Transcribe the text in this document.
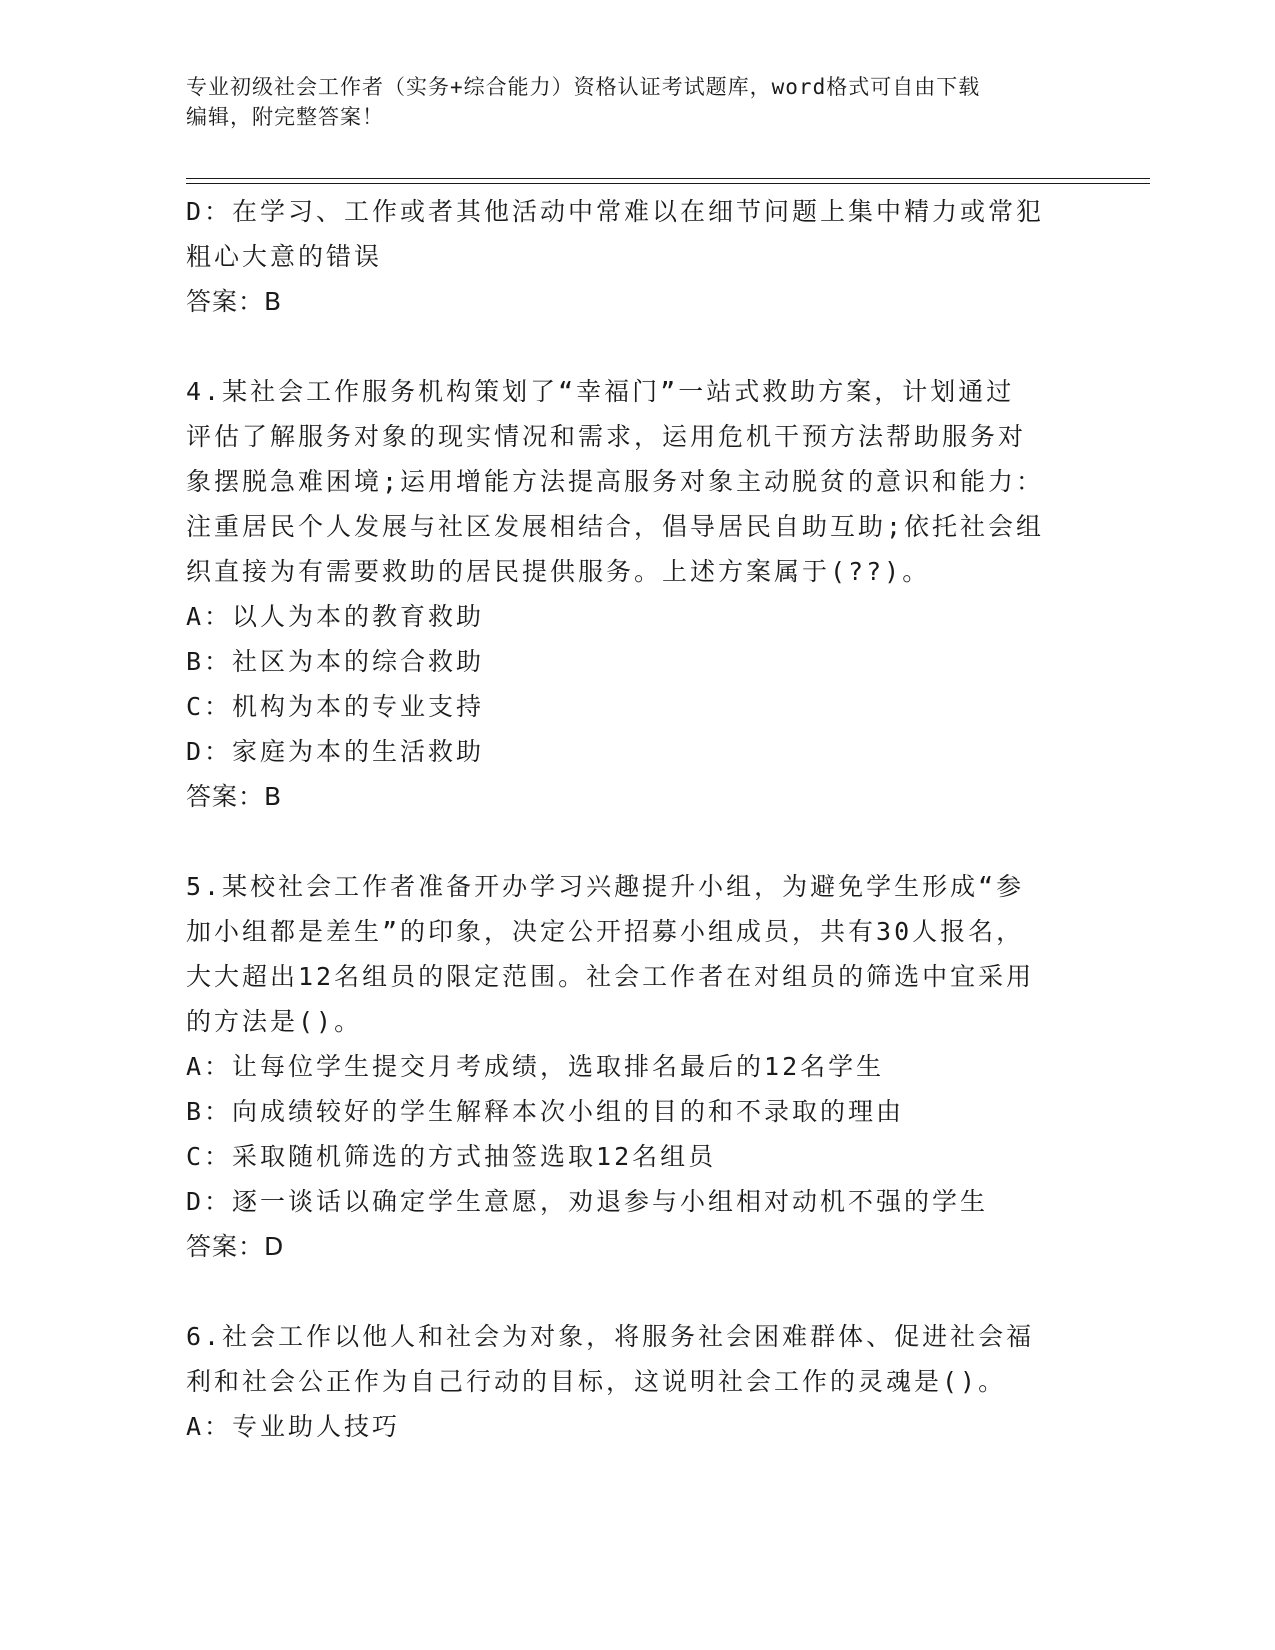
专业初级社会工作者（实务+综合能力）资格认证考试题库，word格式可自由下载
编辑，附完整答案！
D：在学习、工作或者其他活动中常难以在细节问题上集中精力或常犯
粗心大意的错误
答案：B
4.某社会工作服务机构策划了“幸福门”一站式救助方案，计划通过
评估了解服务对象的现实情况和需求，运用危机干预方法帮助服务对
象摆脱急难困境;运用增能方法提高服务对象主动脱贫的意识和能力：
注重居民个人发展与社区发展相结合，倡导居民自助互助;依托社会组
织直接为有需要救助的居民提供服务。上述方案属于(??)。
A：以人为本的教育救助
B：社区为本的综合救助
C：机构为本的专业支持
D：家庭为本的生活救助
答案：B
5.某校社会工作者准备开办学习兴趣提升小组，为避免学生形成“参
加小组都是差生”的印象，决定公开招募小组成员，共有30人报名，
大大超出12名组员的限定范围。社会工作者在对组员的筛选中宜采用
的方法是()。
A：让每位学生提交月考成绩，选取排名最后的12名学生
B：向成绩较好的学生解释本次小组的目的和不录取的理由
C：采取随机筛选的方式抽签选取12名组员
D：逐一谈话以确定学生意愿，劝退参与小组相对动机不强的学生
答案：D
6.社会工作以他人和社会为对象，将服务社会困难群体、促进社会福
利和社会公正作为自己行动的目标，这说明社会工作的灵魂是()。
A：专业助人技巧
